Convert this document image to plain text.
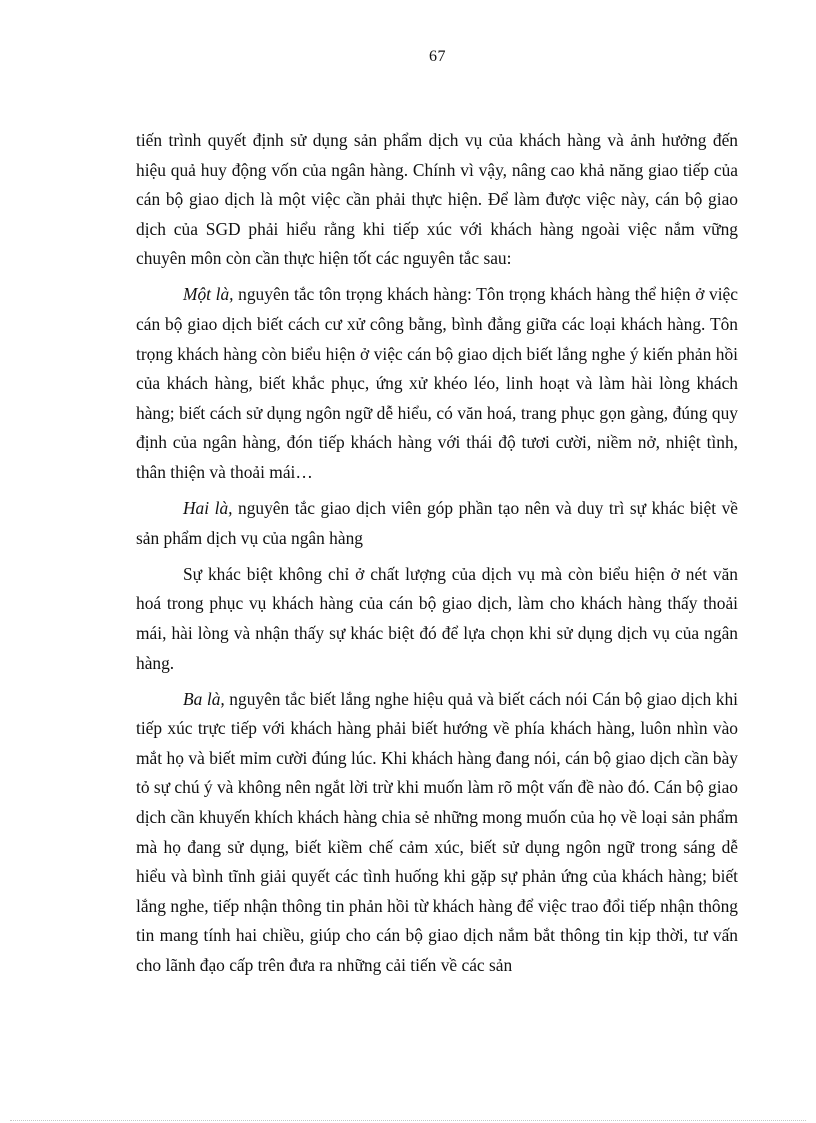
67

tiến trình quyết định sử dụng sản phẩm dịch vụ của khách hàng và ảnh hưởng đến hiệu quả huy động vốn của ngân hàng. Chính vì vậy, nâng cao khả năng giao tiếp của cán bộ giao dịch là một việc cần phải thực hiện. Để làm được việc này, cán bộ giao dịch của SGD phải hiểu rằng khi tiếp xúc với khách hàng ngoài việc nắm vững chuyên môn còn cần thực hiện tốt các nguyên tắc sau:

Một là, nguyên tắc tôn trọng khách hàng: Tôn trọng khách hàng thể hiện ở việc cán bộ giao dịch biết cách cư xử công bằng, bình đẳng giữa các loại khách hàng. Tôn trọng khách hàng còn biểu hiện ở việc cán bộ giao dịch biết lắng nghe ý kiến phản hồi của khách hàng, biết khắc phục, ứng xử khéo léo, linh hoạt và làm hài lòng khách hàng; biết cách sử dụng ngôn ngữ dễ hiểu, có văn hoá, trang phục gọn gàng, đúng quy định của ngân hàng, đón tiếp khách hàng với thái độ tươi cười, niềm nở, nhiệt tình, thân thiện và thoải mái…

Hai là, nguyên tắc giao dịch viên góp phần tạo nên và duy trì sự khác biệt về sản phẩm dịch vụ của ngân hàng

Sự khác biệt không chỉ ở chất lượng của dịch vụ mà còn biểu hiện ở nét văn hoá trong phục vụ khách hàng của cán bộ giao dịch, làm cho khách hàng thấy thoải mái, hài lòng và nhận thấy sự khác biệt đó để lựa chọn khi sử dụng dịch vụ của ngân hàng.

Ba là, nguyên tắc biết lắng nghe hiệu quả và biết cách nói Cán bộ giao dịch khi tiếp xúc trực tiếp với khách hàng phải biết hướng về phía khách hàng, luôn nhìn vào mắt họ và biết mỉm cười đúng lúc. Khi khách hàng đang nói, cán bộ giao dịch cần bày tỏ sự chú ý và không nên ngắt lời trừ khi muốn làm rõ một vấn đề nào đó. Cán bộ giao dịch cần khuyến khích khách hàng chia sẻ những mong muốn của họ về loại sản phẩm mà họ đang sử dụng, biết kiềm chế cảm xúc, biết sử dụng ngôn ngữ trong sáng dễ hiểu và bình tĩnh giải quyết các tình huống khi gặp sự phản ứng của khách hàng; biết lắng nghe, tiếp nhận thông tin phản hồi từ khách hàng để việc trao đổi tiếp nhận thông tin mang tính hai chiều, giúp cho cán bộ giao dịch nắm bắt thông tin kịp thời, tư vấn cho lãnh đạo cấp trên đưa ra những cải tiến về các sản
